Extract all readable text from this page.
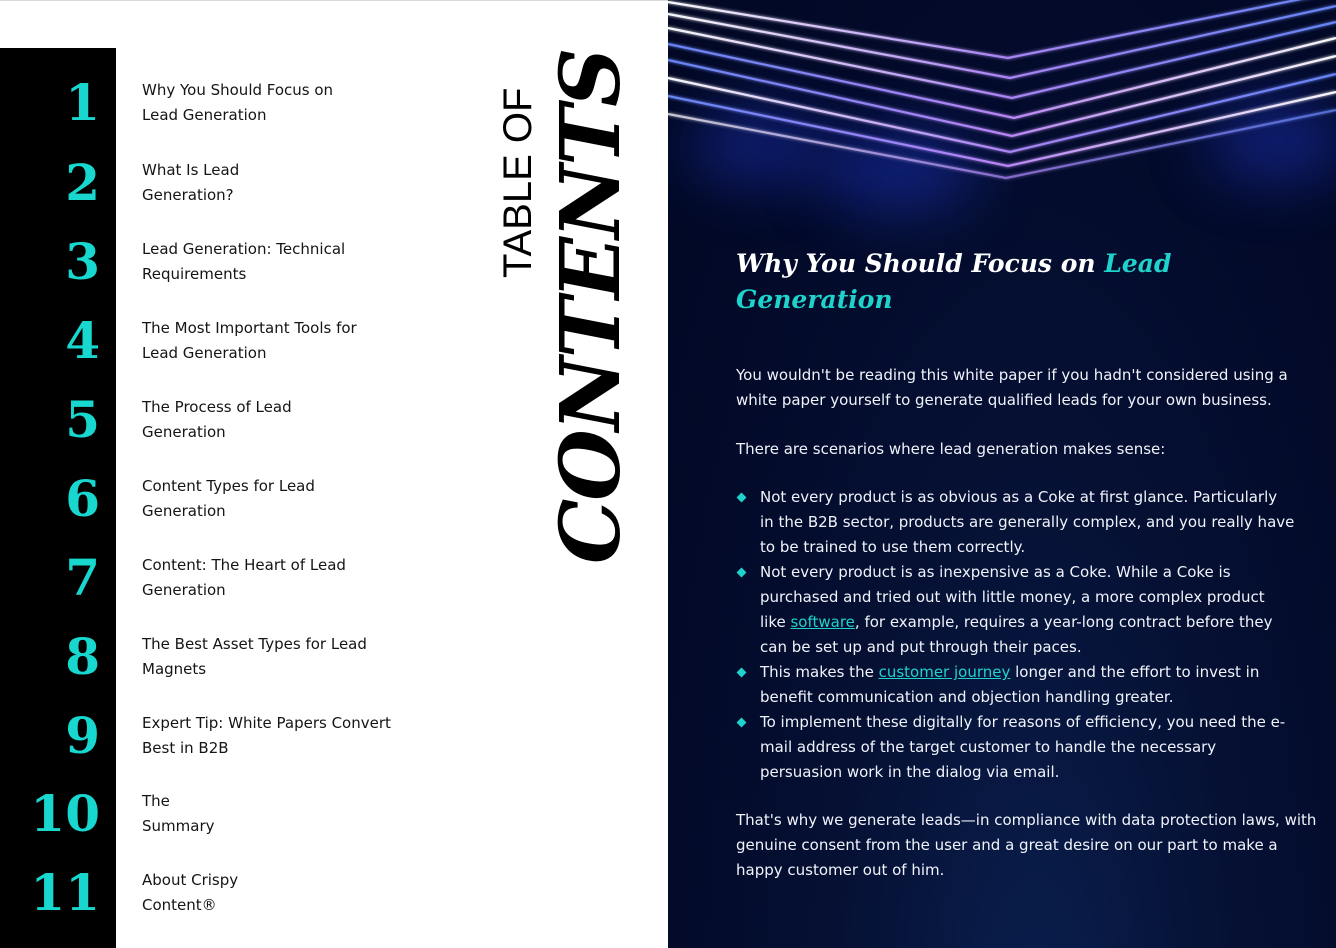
1	Why You Should Focus on
Lead Generation
2	What Is Lead
Generation?
3	Lead Generation: Technical
Requirements
4	The Most Important Tools for
Lead Generation
5	The Process of Lead
Generation
6	Content Types for Lead
Generation
7	Content: The Heart of Lead
Generation
8	The Best Asset Types for Lead
Magnets
9	Expert Tip: White Papers Convert
Best in B2B
10	The
Summary
11	About Crispy
Content®
CONTENTS
TABLE OF	Why You Should Focus on Lead
Generation

You wouldn't be reading this white paper if you hadn't considered using a
white paper yourself to generate qualified leads for your own business.

There are scenarios where lead generation makes sense:

Not every product is as obvious as a Coke at first glance. Particularly
in the B2B sector, products are generally complex, and you really have
to be trained to use them correctly.
Not every product is as inexpensive as a Coke. While a Coke is
purchased and tried out with little money, a more complex product
like software, for example, requires a year-long contract before they
can be set up and put through their paces.
This makes the customer journey longer and the effort to invest in
benefit communication and objection handling greater.
To implement these digitally for reasons of efficiency, you need the e-
mail address of the target customer to handle the necessary
persuasion work in the dialog via email.

That's why we generate leads—in compliance with data protection laws, with
genuine consent from the user and a great desire on our part to make a
happy customer out of him.
